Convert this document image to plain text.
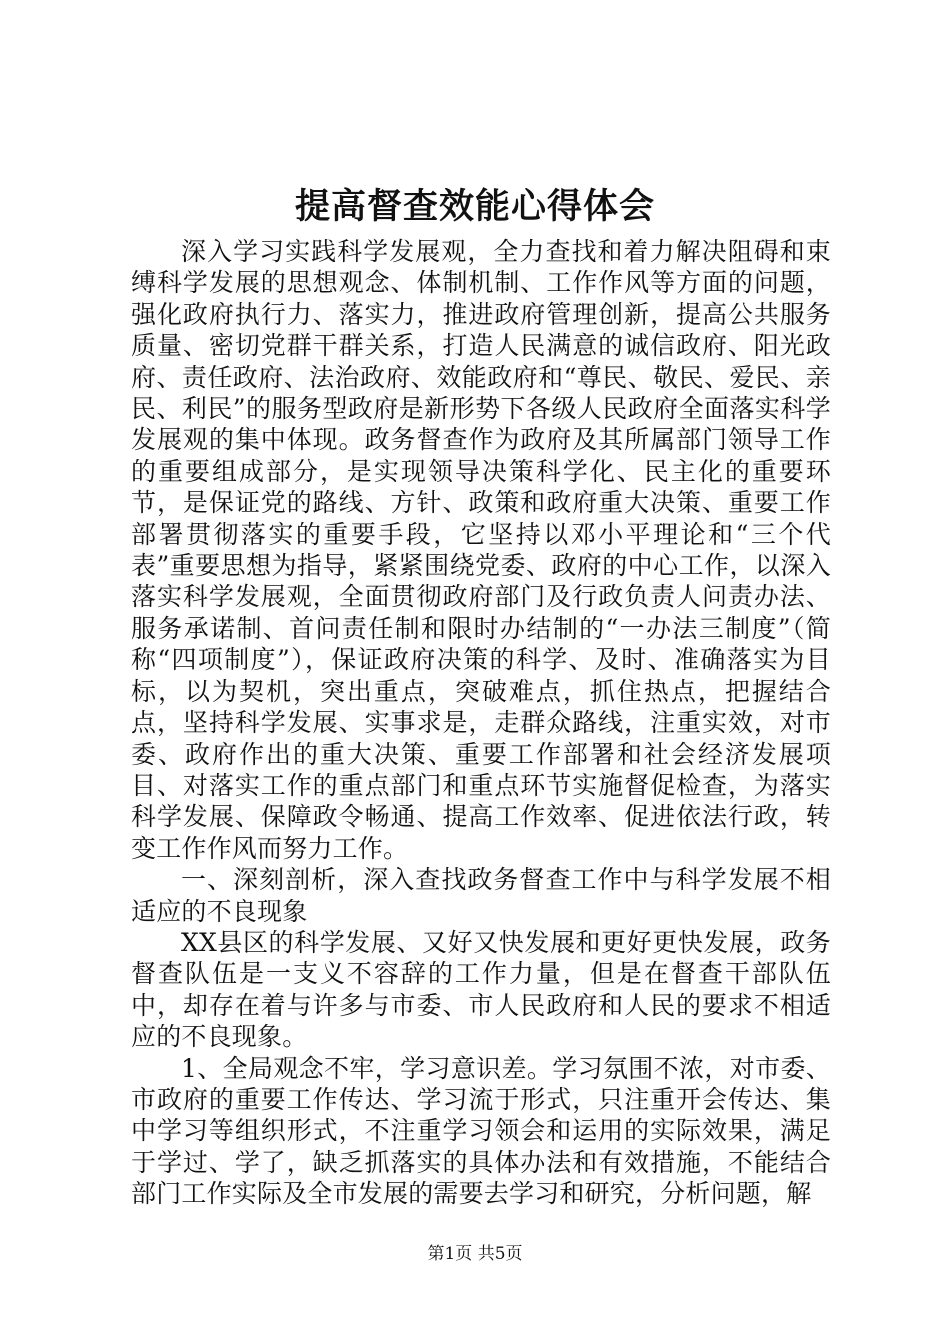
提高督查效能心得体会

深入学习实践科学发展观，全力查找和着力解决阻碍和束缚科学发展的思想观念、体制机制、工作作风等方面的问题，强化政府执行力、落实力，推进政府管理创新，提高公共服务质量、密切党群干群关系，打造人民满意的诚信政府、阳光政府、责任政府、法治政府、效能政府和“尊民、敬民、爱民、亲民、利民”的服务型政府是新形势下各级人民政府全面落实科学发展观的集中体现。政务督查作为政府及其所属部门领导工作的重要组成部分，是实现领导决策科学化、民主化的重要环节，是保证党的路线、方针、政策和政府重大决策、重要工作部署贯彻落实的重要手段，它坚持以邓小平理论和“三个代表”重要思想为指导，紧紧围绕党委、政府的中心工作，以深入落实科学发展观，全面贯彻政府部门及行政负责人问责办法、服务承诺制、首问责任制和限时办结制的“一办法三制度”（简称“四项制度”），保证政府决策的科学、及时、准确落实为目标，以为契机，突出重点，突破难点，抓住热点，把握结合点，坚持科学发展、实事求是，走群众路线，注重实效，对市委、政府作出的重大决策、重要工作部署和社会经济发展项目、对落实工作的重点部门和重点环节实施督促检查，为落实科学发展、保障政令畅通、提高工作效率、促进依法行政，转变工作作风而努力工作。

一、深刻剖析，深入查找政务督查工作中与科学发展不相适应的不良现象

XX县区的科学发展、又好又快发展和更好更快发展，政务督查队伍是一支义不容辞的工作力量，但是在督查干部队伍中，却存在着与许多与市委、市人民政府和人民的要求不相适应的不良现象。

1、全局观念不牢，学习意识差。学习氛围不浓，对市委、市政府的重要工作传达、学习流于形式，只注重开会传达、集中学习等组织形式，不注重学习领会和运用的实际效果，满足于学过、学了，缺乏抓落实的具体办法和有效措施，不能结合部门工作实际及全市发展的需要去学习和研究，分析问题，解

第1页 共5页
